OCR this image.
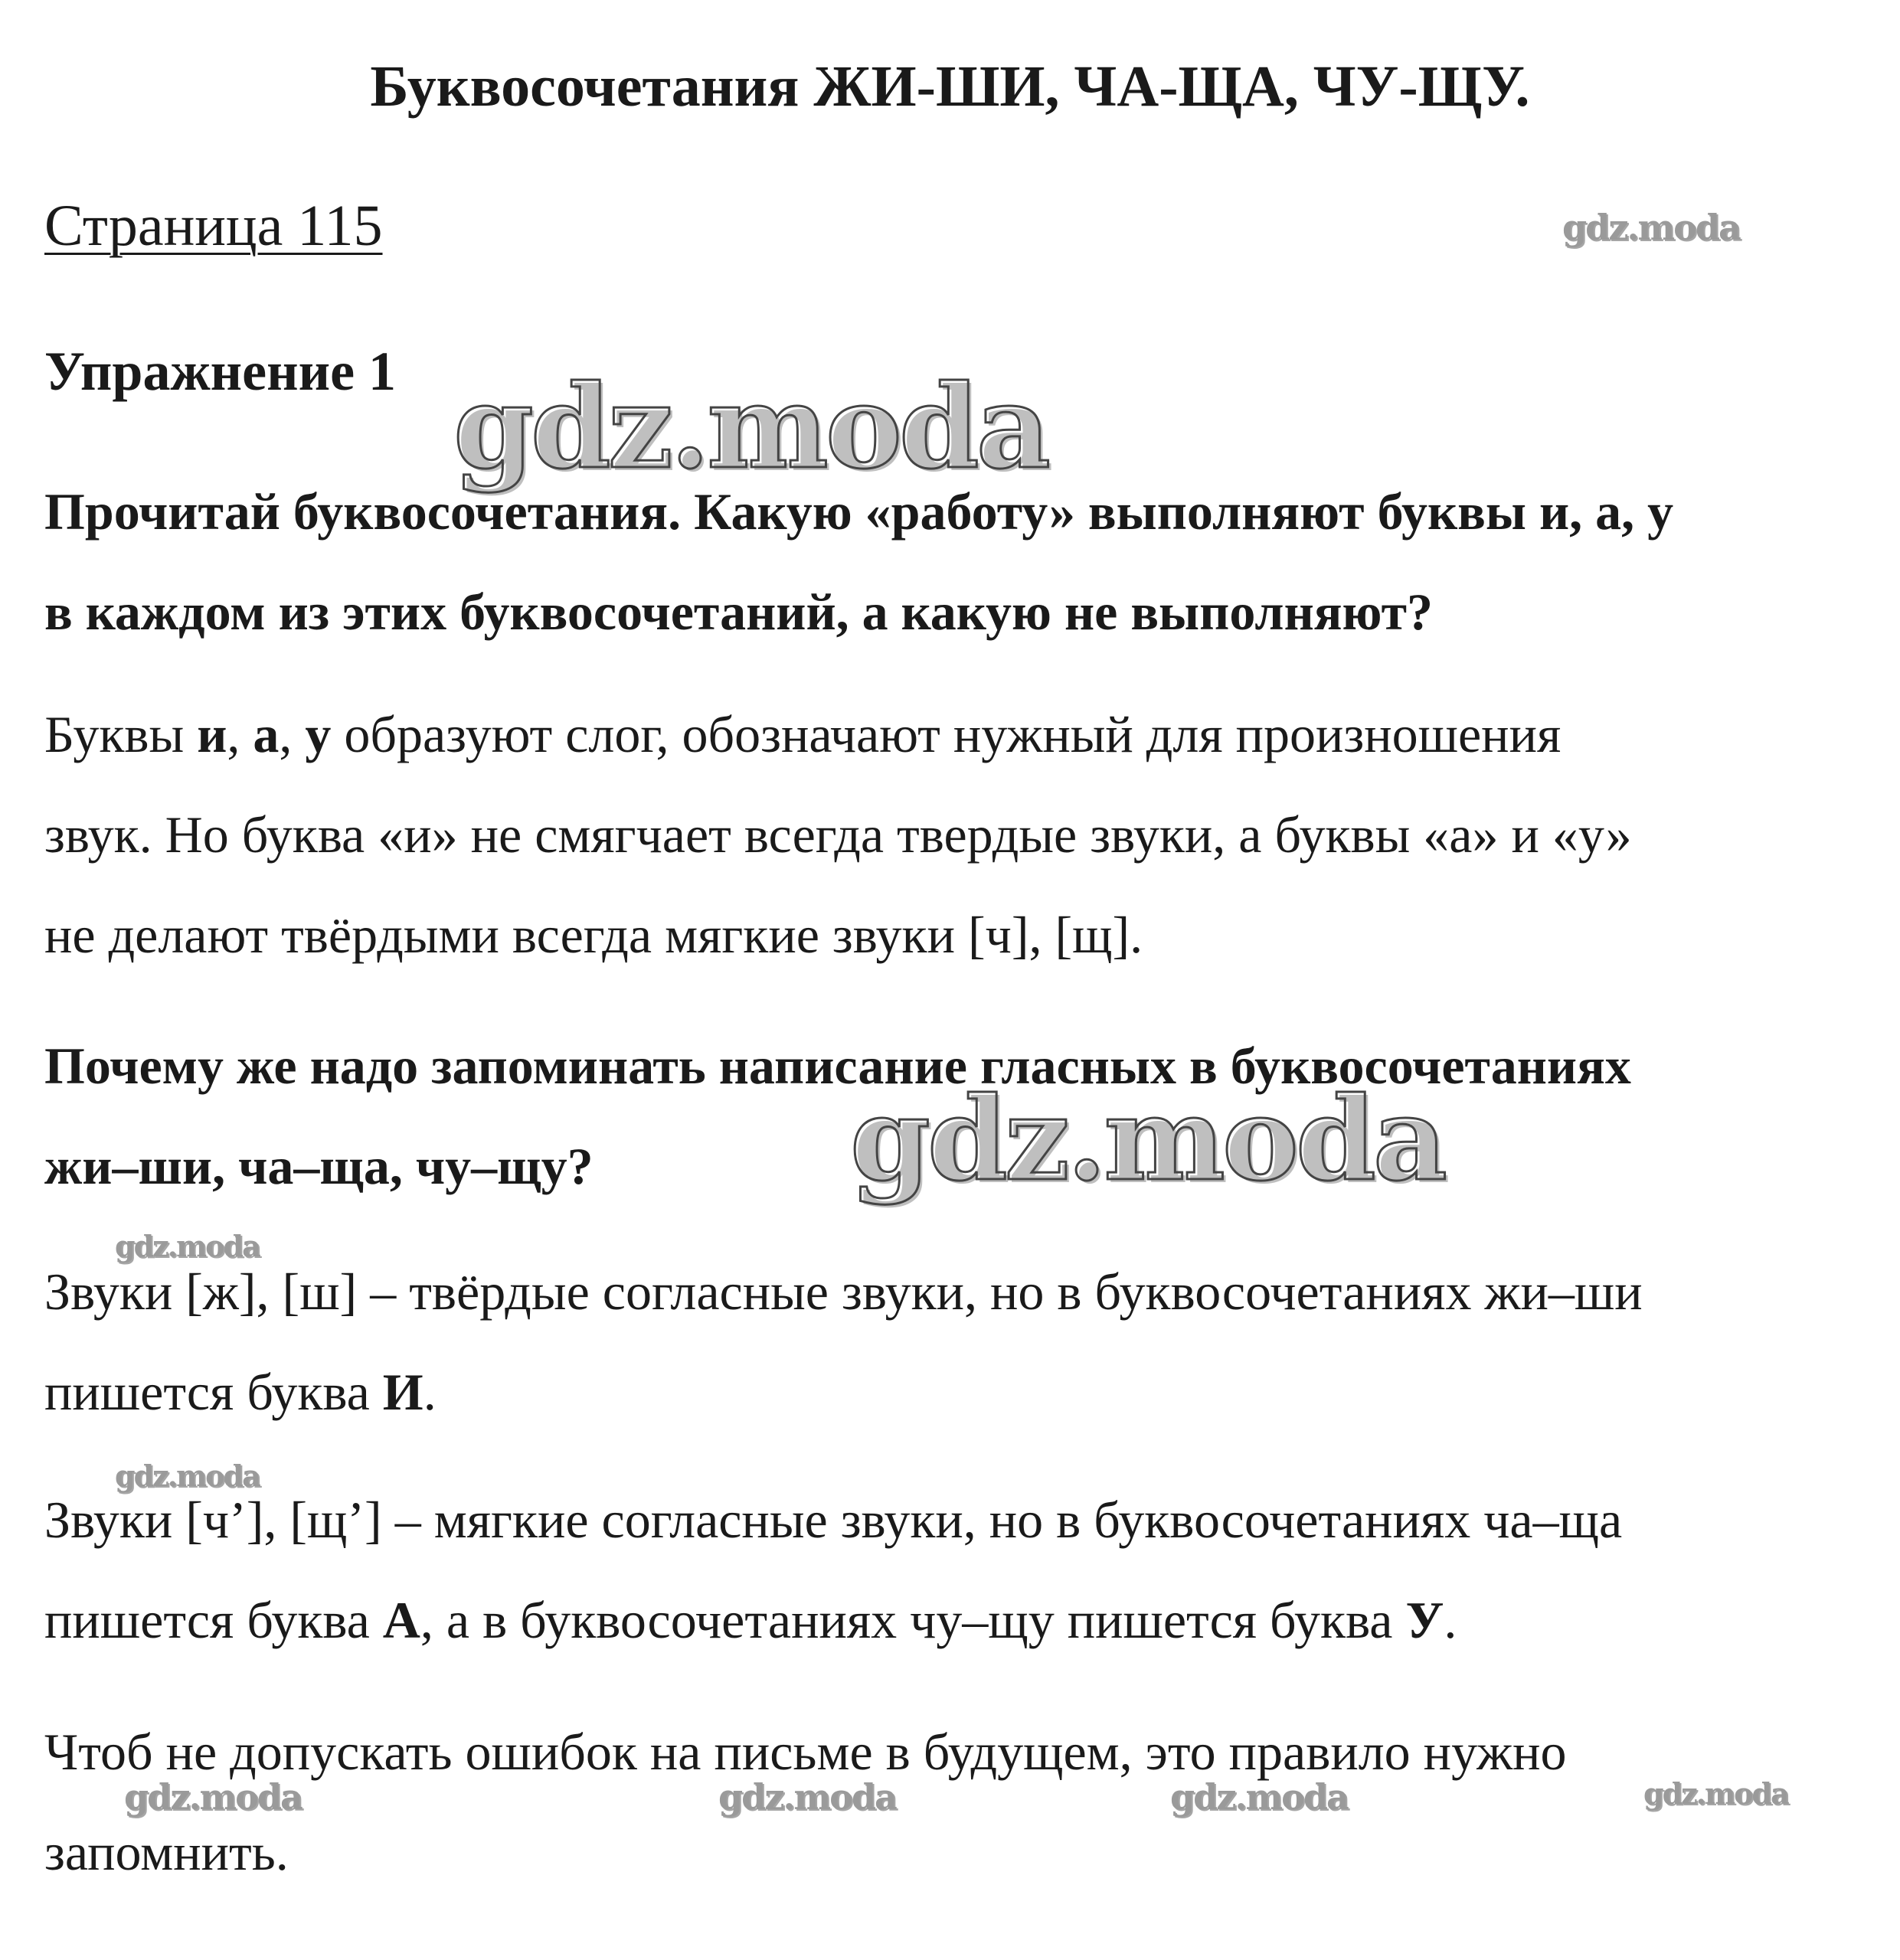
Буквосочетания ЖИ-ШИ, ЧА-ЩА, ЧУ-ЩУ.

Страница 115

Упражнение 1

Прочитай буквосочетания. Какую «работу» выполняют буквы и, а, у
в каждом из этих буквосочетаний, а какую не выполняют?

Буквы и, а, у образуют слог, обозначают нужный для произношения
звук. Но буква «и» не смягчает всегда твердые звуки, а буквы «а» и «у»
не делают твёрдыми всегда мягкие звуки [ч], [щ].

Почему же надо запоминать написание гласных в буквосочетаниях
жи–ши, ча–ща, чу–щу?

Звуки [ж], [ш] – твёрдые согласные звуки, но в буквосочетаниях жи–ши
пишется буква И.

Звуки [ч’], [щ’] – мягкие согласные звуки, но в буквосочетаниях ча–ща
пишется буква А, а в буквосочетаниях чу–щу пишется буква У.

Чтоб не допускать ошибок на письме в будущем, это правило нужно
запомнить.

gdz.moda
gdz.moda
gdz.moda
gdz.moda
gdz.moda
gdz.moda	gdz.moda	gdz.moda	gdz.moda
